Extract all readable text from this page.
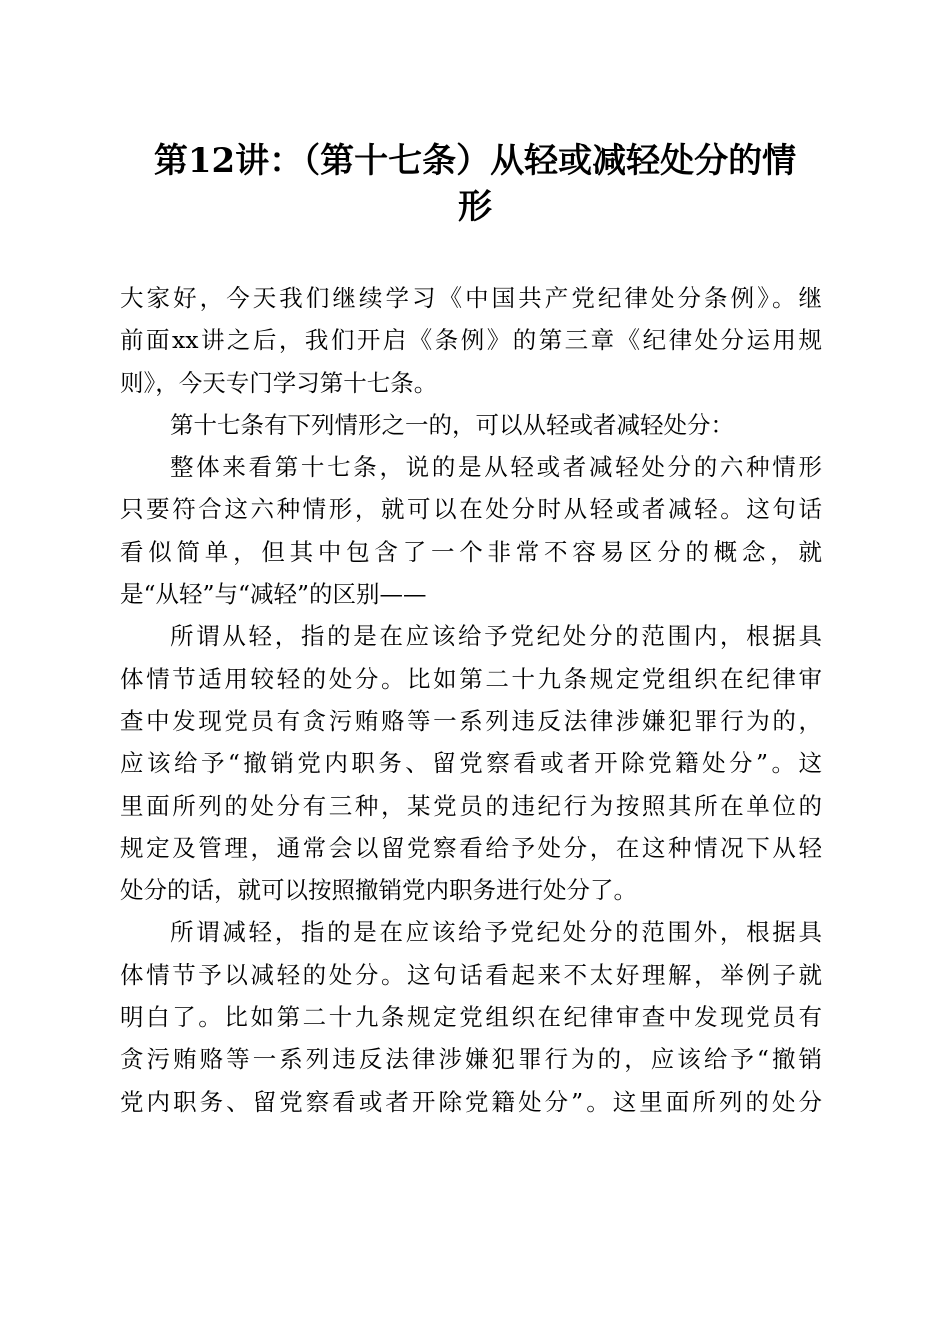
第12讲：（第十七条）从轻或减轻处分的情
形
大家好，今天我们继续学习《中国共产党纪律处分条例》。继
前面xx讲之后，我们开启《条例》的第三章《纪律处分运用规
则》，今天专门学习第十七条。
第十七条有下列情形之一的，可以从轻或者减轻处分：
整体来看第十七条，说的是从轻或者减轻处分的六种情形
只要符合这六种情形，就可以在处分时从轻或者减轻。这句话
看似简单，但其中包含了一个非常不容易区分的概念，就
是“从轻”与“减轻”的区别——
所谓从轻，指的是在应该给予党纪处分的范围内，根据具
体情节适用较轻的处分。比如第二十九条规定党组织在纪律审
查中发现党员有贪污贿赂等一系列违反法律涉嫌犯罪行为的，
应该给予“撤销党内职务、留党察看或者开除党籍处分”。这
里面所列的处分有三种，某党员的违纪行为按照其所在单位的
规定及管理，通常会以留党察看给予处分，在这种情况下从轻
处分的话，就可以按照撤销党内职务进行处分了。
所谓减轻，指的是在应该给予党纪处分的范围外，根据具
体情节予以减轻的处分。这句话看起来不太好理解，举例子就
明白了。比如第二十九条规定党组织在纪律审查中发现党员有
贪污贿赂等一系列违反法律涉嫌犯罪行为的，应该给予“撤销
党内职务、留党察看或者开除党籍处分”。这里面所列的处分
